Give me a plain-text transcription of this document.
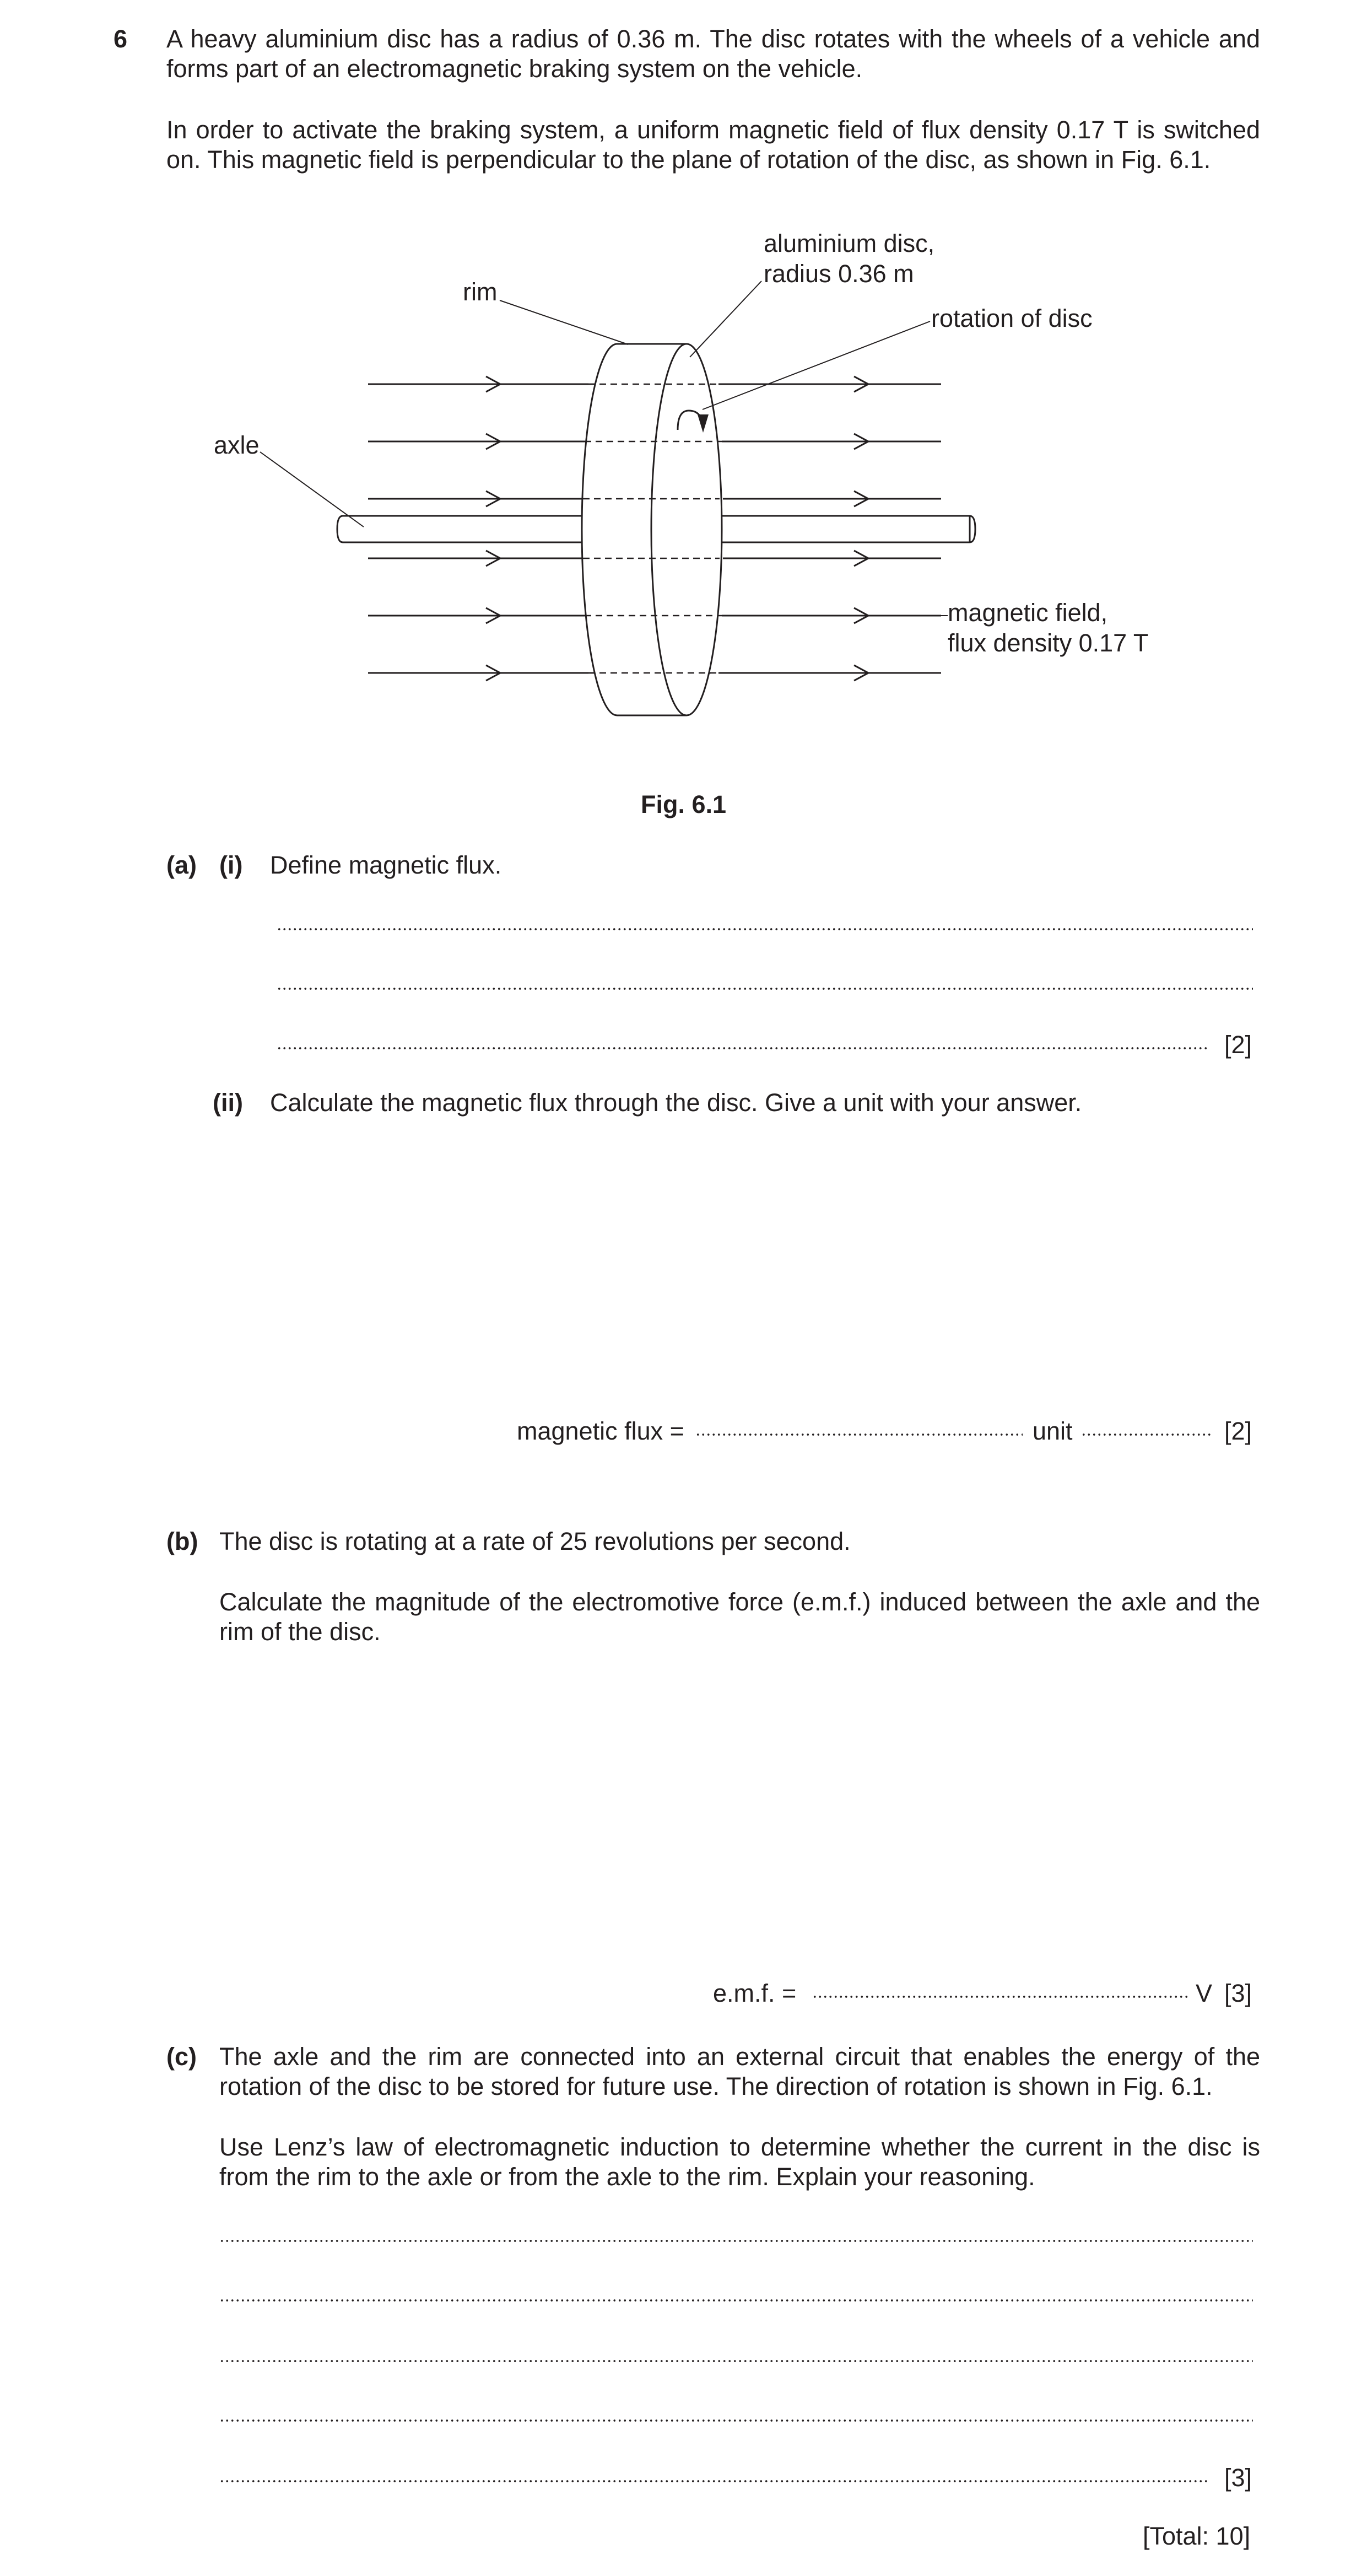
6 A heavy aluminium disc has a radius of 0.36 m. The disc rotates with the wheels of a vehicle and forms part of an electromagnetic braking system on the vehicle.
In order to activate the braking system, a uniform magnetic field of flux density 0.17 T is switched on. This magnetic field is perpendicular to the plane of rotation of the disc, as shown in Fig. 6.1.
aluminium disc,
radius 0.36 m
rim
rotation of disc
axle
magnetic field,
flux density 0.17 T
Fig. 6.1
(a) (i) Define magnetic flux.
[2]
(ii) Calculate the magnetic flux through the disc. Give a unit with your answer.
magnetic flux =	unit	[2]
(b) The disc is rotating at a rate of 25 revolutions per second.
Calculate the magnitude of the electromotive force (e.m.f.) induced between the axle and the rim of the disc.
e.m.f. =	V [3]
(c) The axle and the rim are connected into an external circuit that enables the energy of the rotation of the disc to be stored for future use. The direction of rotation is shown in Fig. 6.1.
Use Lenz’s law of electromagnetic induction to determine whether the current in the disc is from the rim to the axle or from the axle to the rim. Explain your reasoning.
[3]
[Total: 10]
